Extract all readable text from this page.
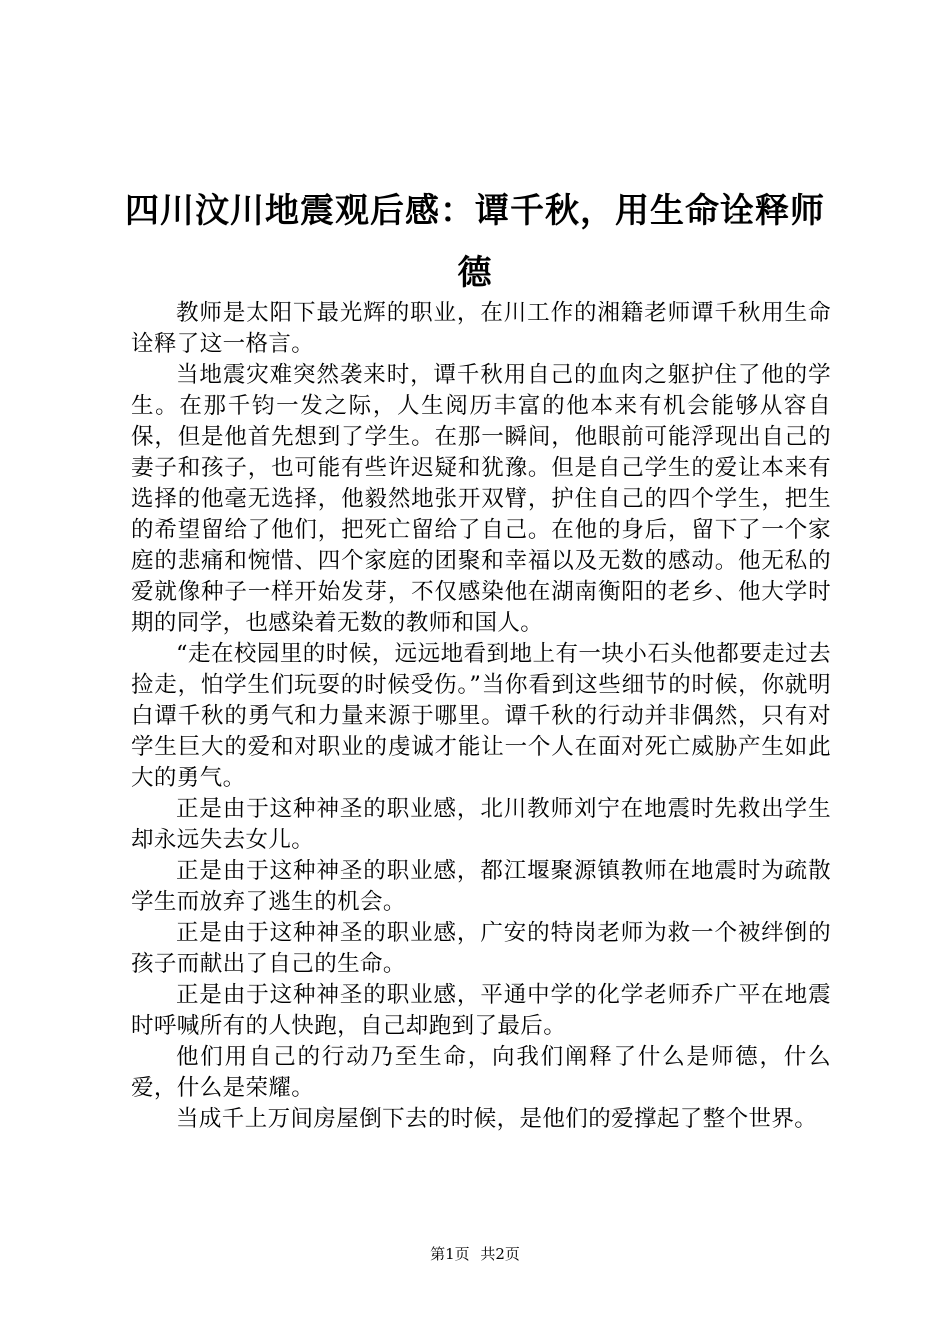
四川汶川地震观后感：谭千秋，用生命诠释师德

教师是太阳下最光辉的职业，在川工作的湘籍老师谭千秋用生命诠释了这一格言。

当地震灾难突然袭来时，谭千秋用自己的血肉之躯护住了他的学生。在那千钧一发之际，人生阅历丰富的他本来有机会能够从容自保，但是他首先想到了学生。在那一瞬间，他眼前可能浮现出自己的妻子和孩子，也可能有些许迟疑和犹豫。但是自己学生的爱让本来有选择的他毫无选择，他毅然地张开双臂，护住自己的四个学生，把生的希望留给了他们，把死亡留给了自己。在他的身后，留下了一个家庭的悲痛和惋惜、四个家庭的团聚和幸福以及无数的感动。他无私的爱就像种子一样开始发芽，不仅感染他在湖南衡阳的老乡、他大学时期的同学，也感染着无数的教师和国人。

“走在校园里的时候，远远地看到地上有一块小石头他都要走过去捡走，怕学生们玩耍的时候受伤。”当你看到这些细节的时候，你就明白谭千秋的勇气和力量来源于哪里。谭千秋的行动并非偶然，只有对学生巨大的爱和对职业的虔诚才能让一个人在面对死亡威胁产生如此大的勇气。

正是由于这种神圣的职业感，北川教师刘宁在地震时先救出学生却永远失去女儿。

正是由于这种神圣的职业感，都江堰聚源镇教师在地震时为疏散学生而放弃了逃生的机会。

正是由于这种神圣的职业感，广安的特岗老师为救一个被绊倒的孩子而献出了自己的生命。

正是由于这种神圣的职业感，平通中学的化学老师乔广平在地震时呼喊所有的人快跑，自己却跑到了最后。

他们用自己的行动乃至生命，向我们阐释了什么是师德，什么爱，什么是荣耀。

当成千上万间房屋倒下去的时候，是他们的爱撑起了整个世界。

第1页 共2页
